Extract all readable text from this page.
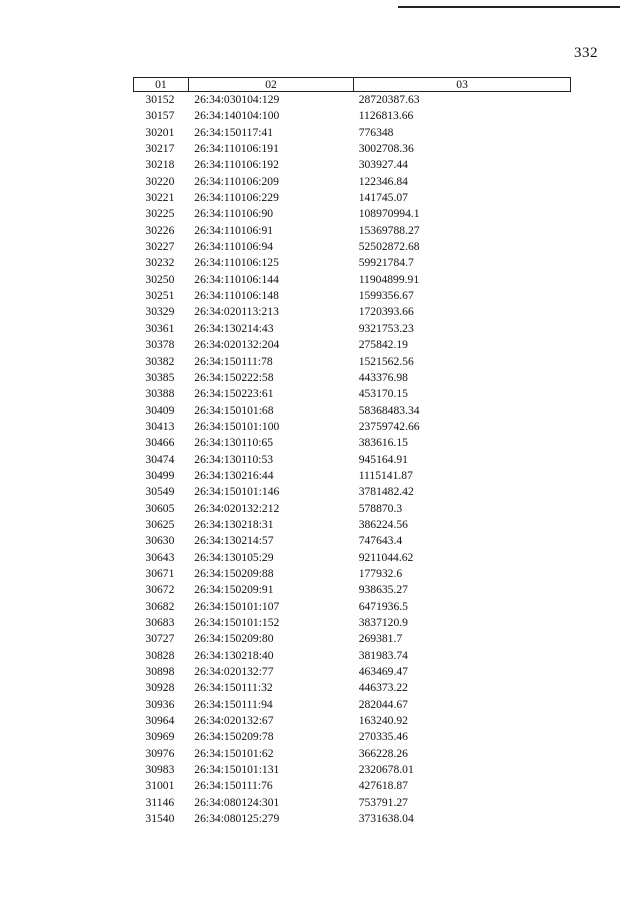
332
01	02	03
30152	26:34:030104:129	28720387.63
30157	26:34:140104:100	1126813.66
30201	26:34:150117:41	776348
30217	26:34:110106:191	3002708.36
30218	26:34:110106:192	303927.44
30220	26:34:110106:209	122346.84
30221	26:34:110106:229	141745.07
30225	26:34:110106:90	108970994.1
30226	26:34:110106:91	15369788.27
30227	26:34:110106:94	52502872.68
30232	26:34:110106:125	59921784.7
30250	26:34:110106:144	11904899.91
30251	26:34:110106:148	1599356.67
30329	26:34:020113:213	1720393.66
30361	26:34:130214:43	9321753.23
30378	26:34:020132:204	275842.19
30382	26:34:150111:78	1521562.56
30385	26:34:150222:58	443376.98
30388	26:34:150223:61	453170.15
30409	26:34:150101:68	58368483.34
30413	26:34:150101:100	23759742.66
30466	26:34:130110:65	383616.15
30474	26:34:130110:53	945164.91
30499	26:34:130216:44	1115141.87
30549	26:34:150101:146	3781482.42
30605	26:34:020132:212	578870.3
30625	26:34:130218:31	386224.56
30630	26:34:130214:57	747643.4
30643	26:34:130105:29	9211044.62
30671	26:34:150209:88	177932.6
30672	26:34:150209:91	938635.27
30682	26:34:150101:107	6471936.5
30683	26:34:150101:152	3837120.9
30727	26:34:150209:80	269381.7
30828	26:34:130218:40	381983.74
30898	26:34:020132:77	463469.47
30928	26:34:150111:32	446373.22
30936	26:34:150111:94	282044.67
30964	26:34:020132:67	163240.92
30969	26:34:150209:78	270335.46
30976	26:34:150101:62	366228.26
30983	26:34:150101:131	2320678.01
31001	26:34:150111:76	427618.87
31146	26:34:080124:301	753791.27
31540	26:34:080125:279	3731638.04
